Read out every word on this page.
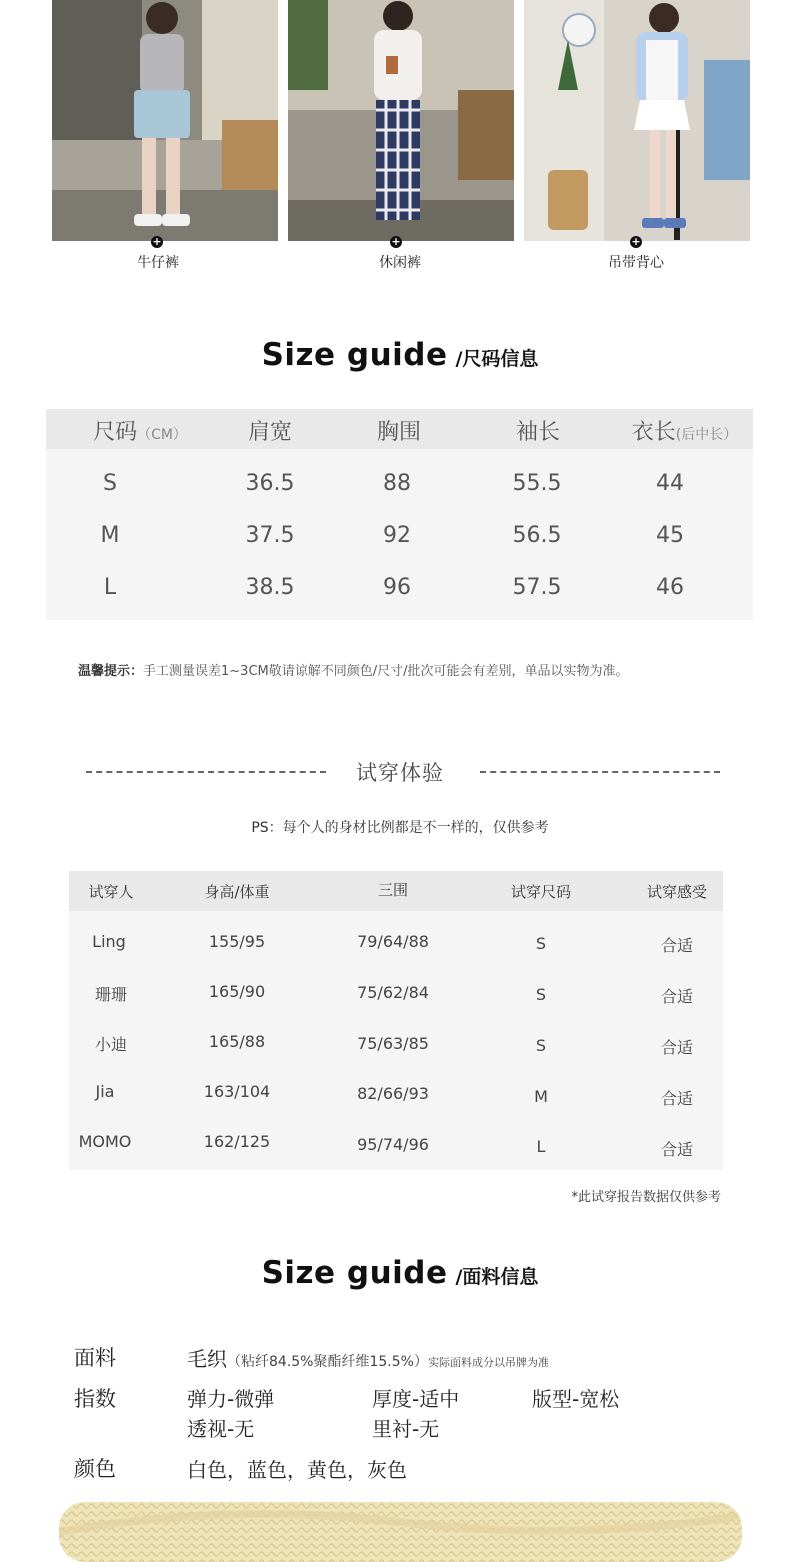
+
牛仔裤
+
休闲裤
+
吊带背心
Size guide /尺码信息
尺码（CM）	肩宽	胸围	袖长	衣长(后中长）
S	36.5	88	55.5	44
M	37.5	92	56.5	45
L	38.5	96	57.5	46
温馨提示：手工测量误差1~3CM敬请谅解不同颜色/尺寸/批次可能会有差别，单品以实物为准。
试穿体验
PS：每个人的身材比例都是不一样的，仅供参考
试穿人	身高/体重	三围	试穿尺码	试穿感受
Ling	155/95	79/64/88	S	合适
珊珊	165/90	75/62/84	S	合适
小迪	165/88	75/63/85	S	合适
Jia	163/104	82/66/93	M	合适
MOMO	162/125	95/74/96	L	合适
*此试穿报告数据仅供参考
Size guide /面料信息
面料	毛织（粘纤84.5%聚酯纤维15.5%）实际面料成分以吊牌为准
指数	弹力-微弹	厚度-适中	版型-宽松
透视-无	里衬-无
颜色	白色，蓝色，黄色，灰色
